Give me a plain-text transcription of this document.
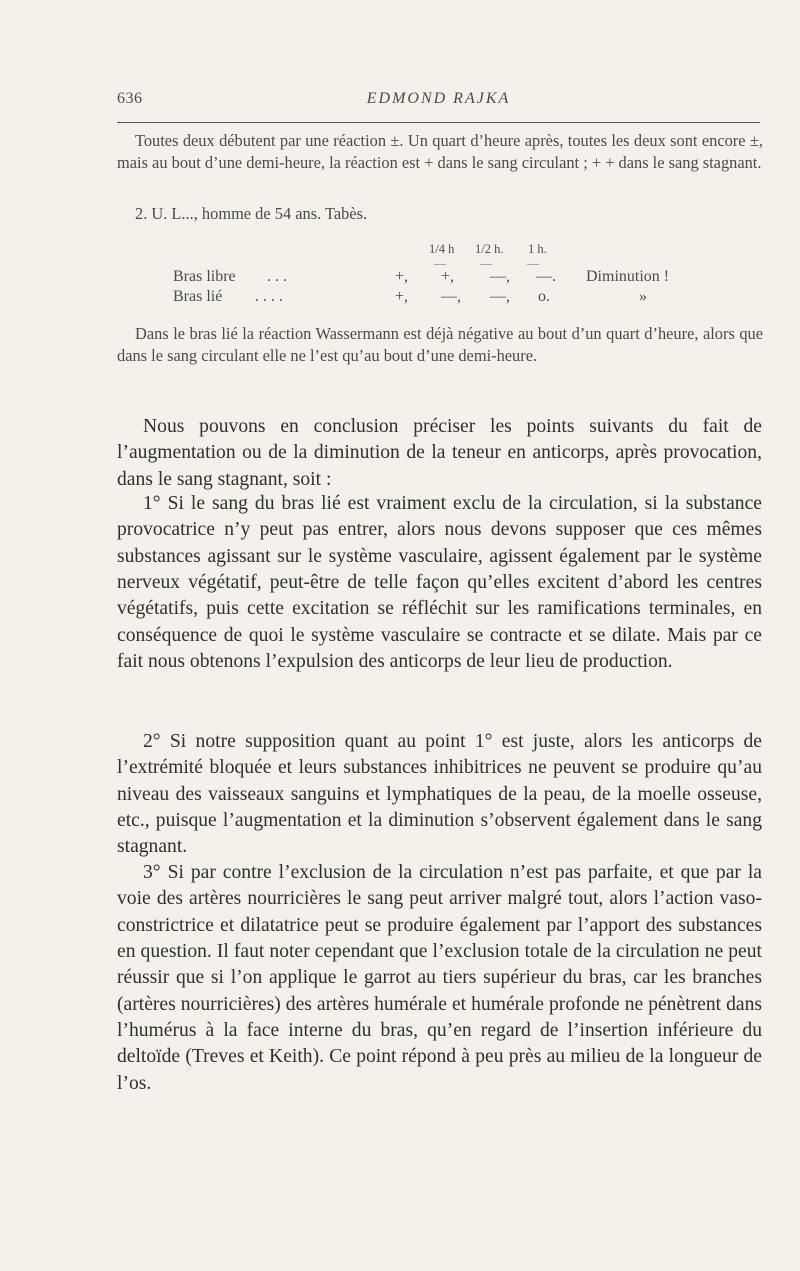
636	EDMOND RAJKA

Toutes deux débutent par une réaction ±. Un quart d’heure après, toutes les deux sont encore ±, mais au bout d’une demi-heure, la réaction est + dans le sang circulant ; + + dans le sang stagnant.

2. U. L..., homme de 54 ans. Tabès.

1/4 h 1/2 h. 1 h.
—	—	—
Bras libre . . .	+, +, —, —. Diminution !
Bras lié . . . .	+, —, —, o.	»

Dans le bras lié la réaction Wassermann est déjà négative au bout d’un quart d’heure, alors que dans le sang circulant elle ne l’est qu’au bout d’une demi-heure.

Nous pouvons en conclusion préciser les points suivants du fait de l’augmentation ou de la diminution de la teneur en anticorps, après provocation, dans le sang stagnant, soit :

1° Si le sang du bras lié est vraiment exclu de la circulation, si la substance provocatrice n’y peut pas entrer, alors nous devons supposer que ces mêmes substances agissant sur le système vasculaire, agissent également par le système nerveux végétatif, peut-être de telle façon qu’elles excitent d’abord les centres végétatifs, puis cette excitation se réfléchit sur les ramifications terminales, en conséquence de quoi le système vasculaire se contracte et se dilate. Mais par ce fait nous obtenons l’expulsion des anticorps de leur lieu de production.

2° Si notre supposition quant au point 1° est juste, alors les anticorps de l’extrémité bloquée et leurs substances inhibitrices ne peuvent se produire qu’au niveau des vaisseaux sanguins et lymphatiques de la peau, de la moelle osseuse, etc., puisque l’augmentation et la diminution s’observent également dans le sang stagnant.

3° Si par contre l’exclusion de la circulation n’est pas parfaite, et que par la voie des artères nourricières le sang peut arriver malgré tout, alors l’action vaso-constrictrice et dilatatrice peut se produire également par l’apport des substances en question. Il faut noter cependant que l’exclusion totale de la circulation ne peut réussir que si l’on applique le garrot au tiers supérieur du bras, car les branches (artères nourricières) des artères humérale et humérale profonde ne pénètrent dans l’humérus à la face interne du bras, qu’en regard de l’insertion inférieure du deltoïde (Treves et Keith). Ce point répond à peu près au milieu de la longueur de l’os.
